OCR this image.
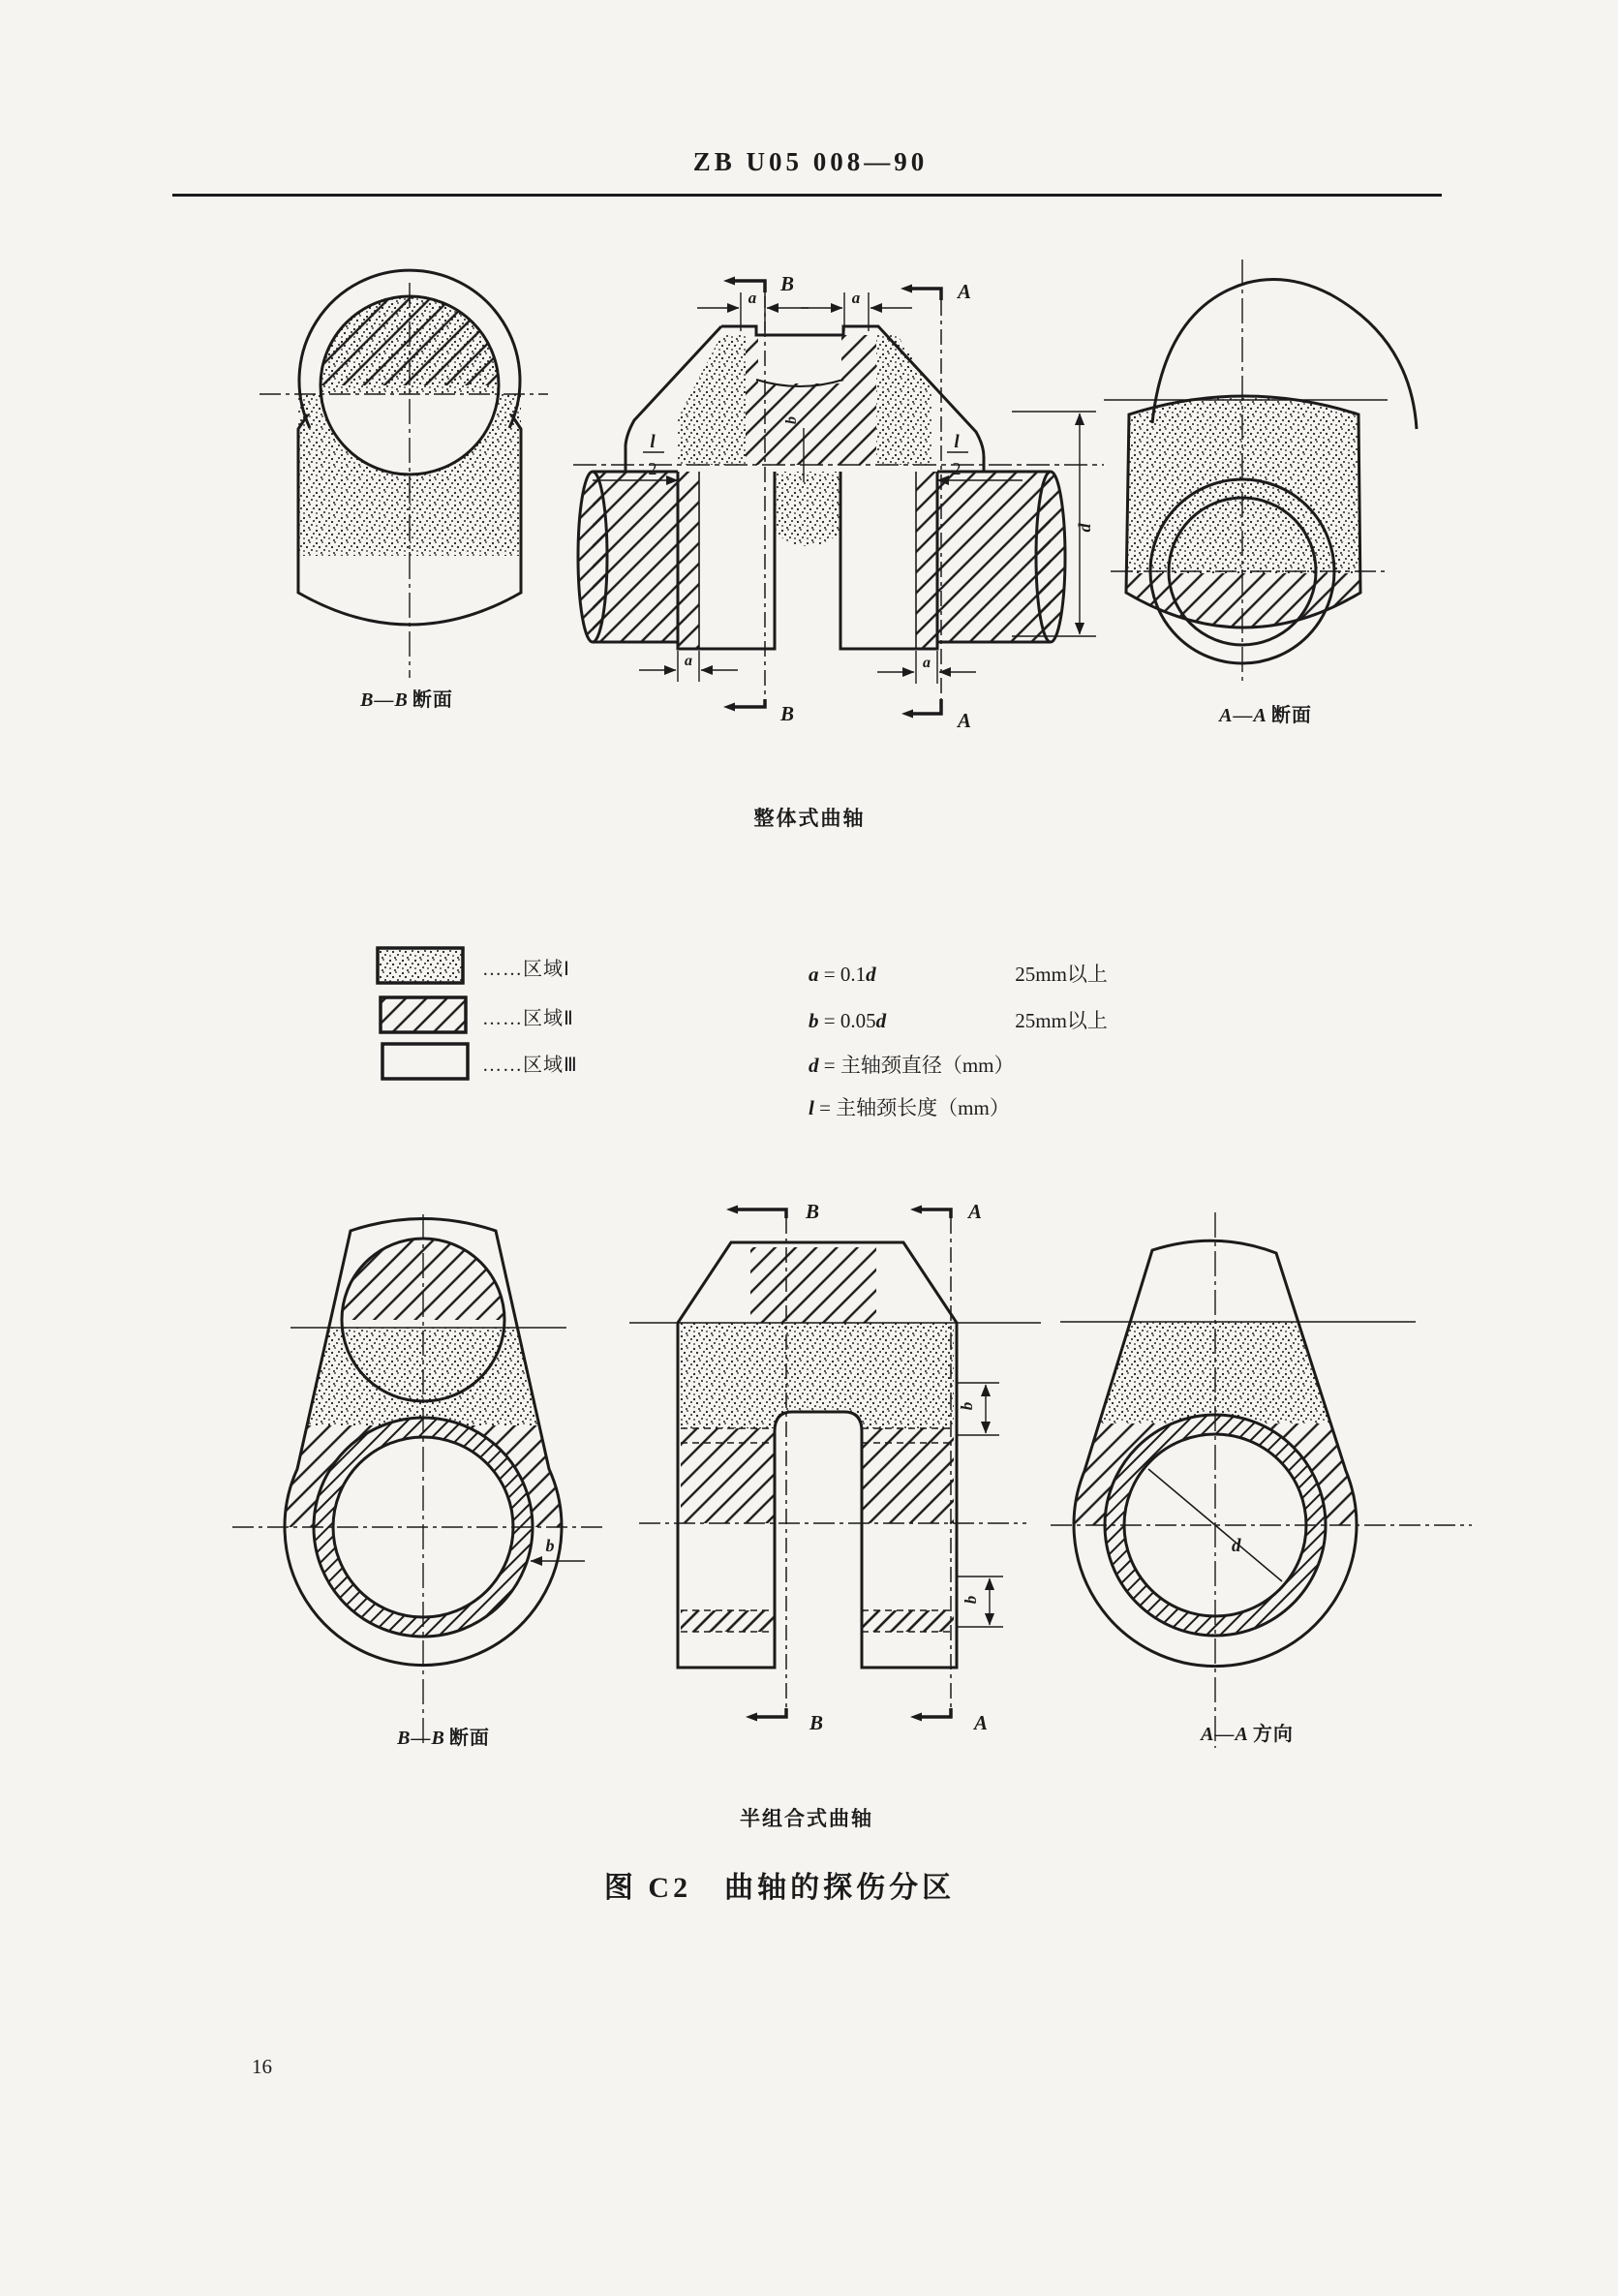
ZB U05 008—90
B—B 断面
B
B
A
A
a	a
l
2
l
2
d
b
a	a
A—A 断面
整体式曲轴
……区域Ⅰ
……区域Ⅱ
……区域Ⅲ
a = 0.1d	25mm以上
b = 0.05d	25mm以上
d = 主轴颈直径（mm）
l = 主轴颈长度（mm）
b
B—B 断面
B
B
A
A
b
b
d
A—A 方向
半组合式曲轴
图 C2　曲轴的探伤分区
16
